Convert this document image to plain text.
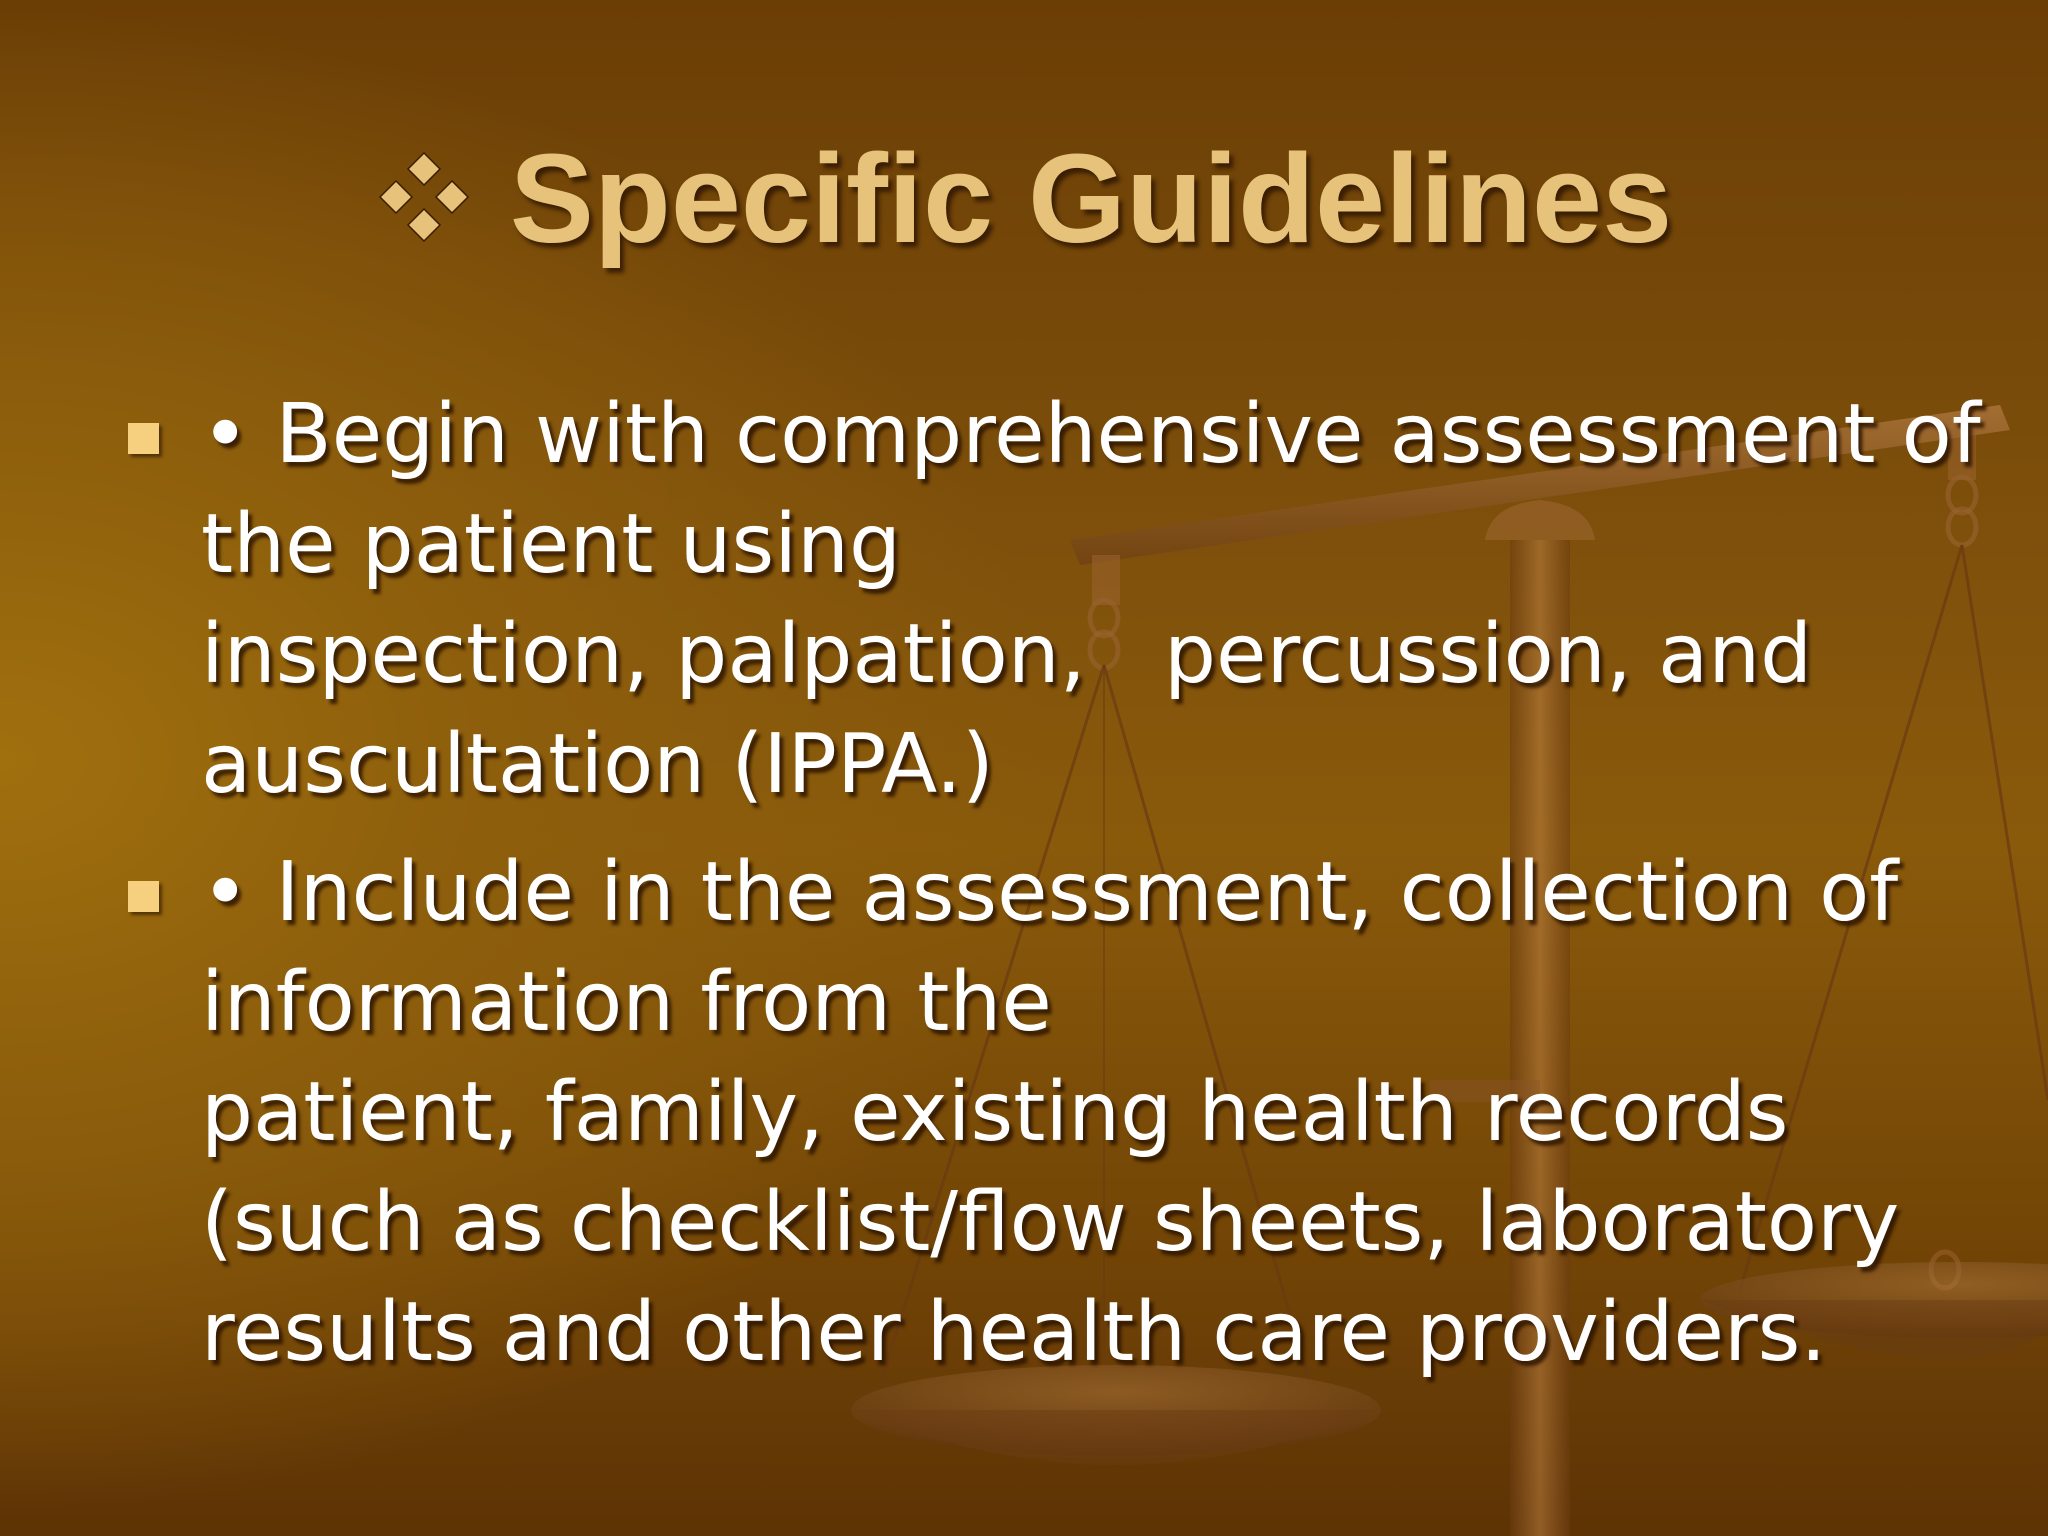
Specific Guidelines
• Begin with comprehensive assessment of
the patient using
inspection, palpation,   percussion, and
auscultation (IPPA.)
• Include in the assessment, collection of
information from the
patient, family, existing health records
(such as checklist/flow sheets, laboratory
results and other health care providers.
